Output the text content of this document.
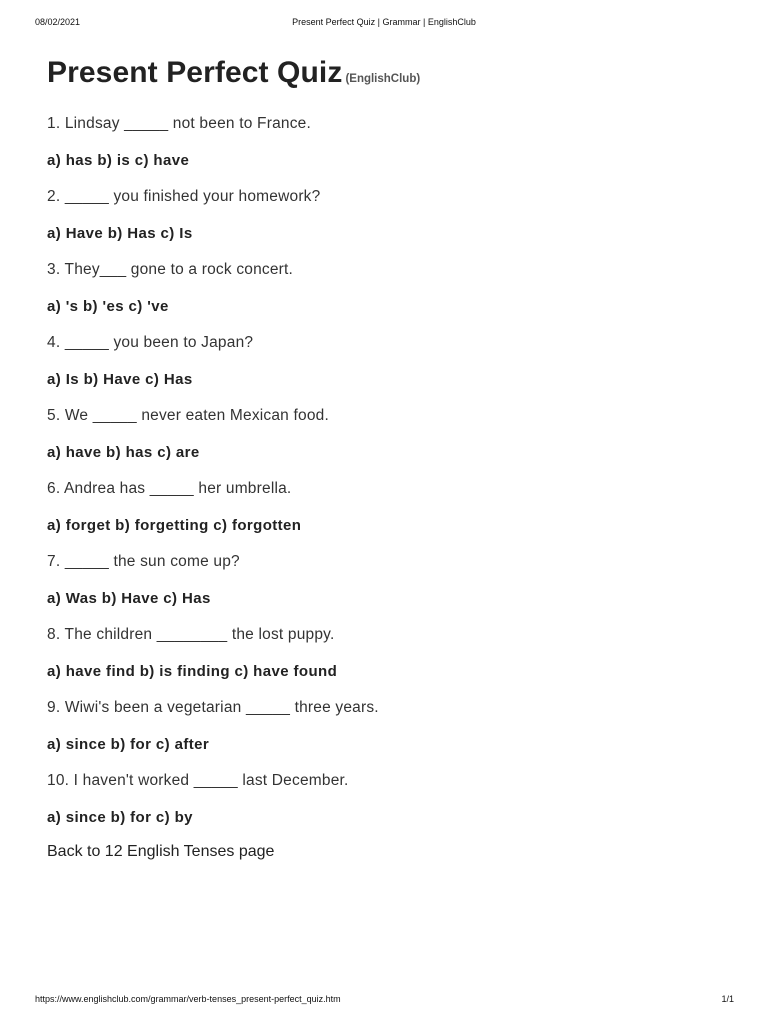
08/02/2021	Present Perfect Quiz | Grammar | EnglishClub
Present Perfect Quiz (EnglishClub)
1. Lindsay _____ not been to France.
a) has b) is c) have
2. _____ you finished your homework?
a) Have b) Has c) Is
3. They___ gone to a rock concert.
a) 's b) 'es c) 've
4. _____ you been to Japan?
a) Is b) Have c) Has
5. We _____ never eaten Mexican food.
a) have b) has c) are
6. Andrea has _____ her umbrella.
a) forget b) forgetting c) forgotten
7. _____ the sun come up?
a) Was b) Have c) Has
8. The children ________ the lost puppy.
a) have find b) is finding c) have found
9. Wiwi's been a vegetarian _____ three years.
a) since b) for c) after
10. I haven't worked _____ last December.
a) since b) for c) by
Back to 12 English Tenses page
https://www.englishclub.com/grammar/verb-tenses_present-perfect_quiz.htm	1/1
